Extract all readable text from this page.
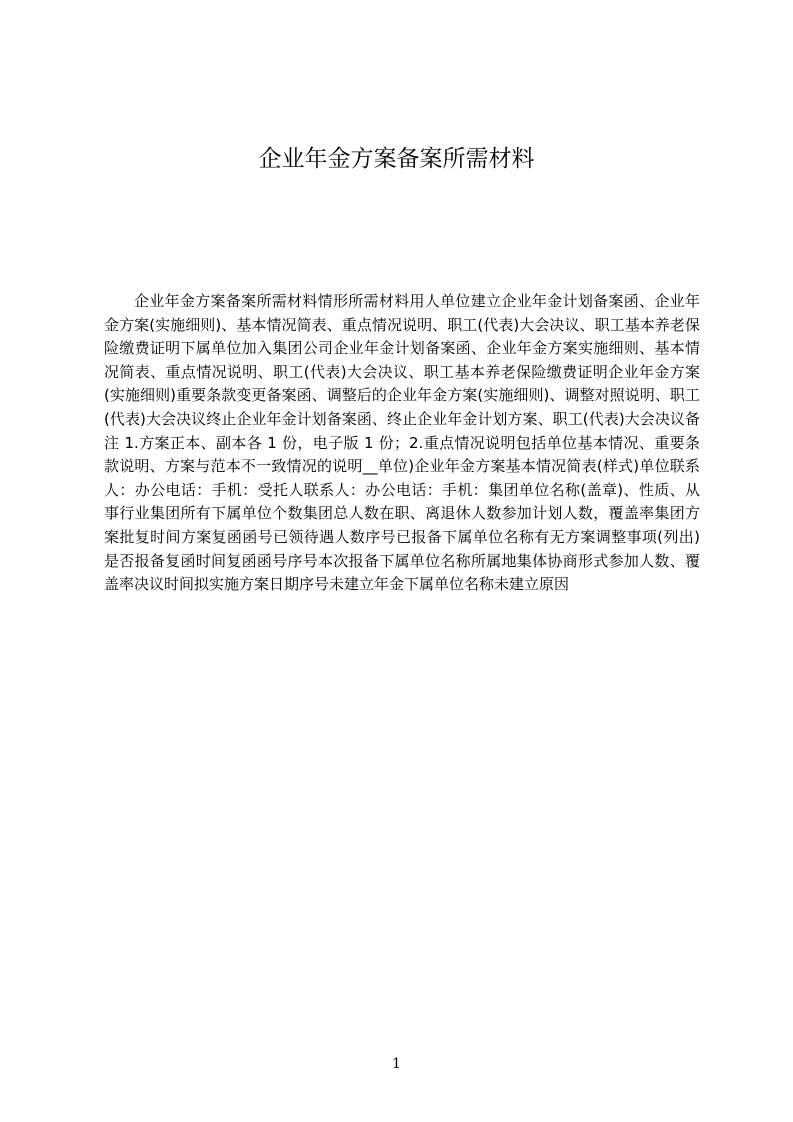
企业年金方案备案所需材料

企业年金方案备案所需材料情形所需材料用人单位建立企业年金计划备案函、企业年金方案(实施细则)、基本情况简表、重点情况说明、职工(代表)大会决议、职工基本养老保险缴费证明下属单位加入集团公司企业年金计划备案函、企业年金方案实施细则、基本情况简表、重点情况说明、职工(代表)大会决议、职工基本养老保险缴费证明企业年金方案(实施细则)重要条款变更备案函、调整后的企业年金方案(实施细则)、调整对照说明、职工(代表)大会决议终止企业年金计划备案函、终止企业年金计划方案、职工(代表)大会决议备注 1.方案正本、副本各 1 份，电子版 1 份；2.重点情况说明包括单位基本情况、重要条款说明、方案与范本不一致情况的说明__单位)企业年金方案基本情况简表(样式)单位联系人：办公电话：手机：受托人联系人：办公电话：手机：集团单位名称(盖章)、性质、从事行业集团所有下属单位个数集团总人数在职、离退休人数参加计划人数，覆盖率集团方案批复时间方案复函函号已领待遇人数序号已报备下属单位名称有无方案调整事项(列出)是否报备复函时间复函函号序号本次报备下属单位名称所属地集体协商形式参加人数、覆盖率决议时间拟实施方案日期序号未建立年金下属单位名称未建立原因

1
